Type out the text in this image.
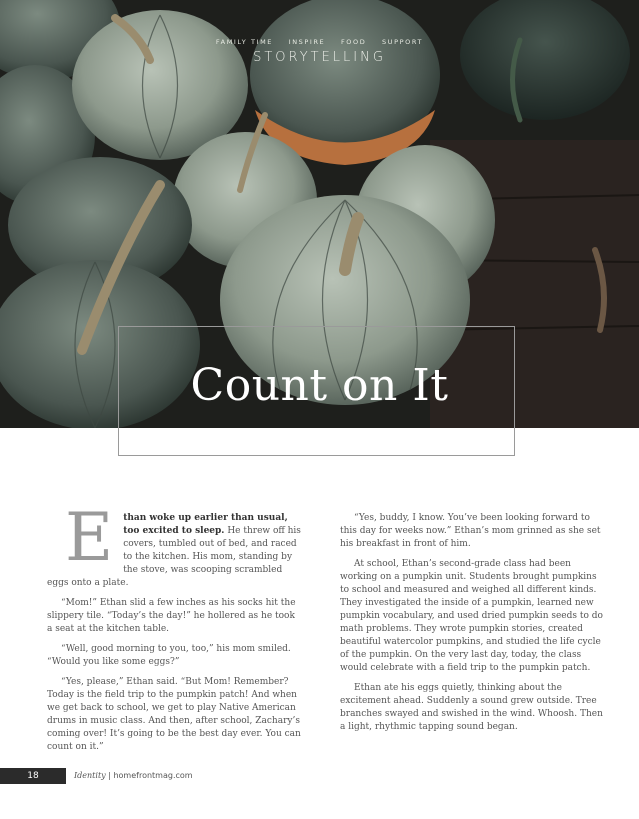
FAMILY TIME INSPIRE FOOD SUPPORT
STORYTELLING
Count on It

E than woke up earlier than usual, too excited to sleep. He threw off his covers, tumbled out of bed, and raced to the kitchen. His mom, standing by the stove, was scooping scrambled eggs onto a plate.

“Mom!” Ethan slid a few inches as his socks hit the slippery tile. “Today’s the day!” he hollered as he took a seat at the kitchen table.

“Well, good morning to you, too,” his mom smiled. “Would you like some eggs?”

“Yes, please,” Ethan said. “But Mom! Remember? Today is the field trip to the pumpkin patch! And when we get back to school, we get to play Native American drums in music class. And then, after school, Zachary’s coming over! It’s going to be the best day ever. You can count on it.”

“Yes, buddy, I know. You’ve been looking forward to this day for weeks now.” Ethan’s mom grinned as she set his breakfast in front of him.

At school, Ethan’s second-grade class had been working on a pumpkin unit. Students brought pumpkins to school and measured and weighed all different kinds. They investigated the inside of a pumpkin, learned new pumpkin vocabulary, and used dried pumpkin seeds to do math problems. They wrote pumpkin stories, created beautiful watercolor pumpkins, and studied the life cycle of the pumpkin. On the very last day, today, the class would celebrate with a field trip to the pumpkin patch.

Ethan ate his eggs quietly, thinking about the excitement ahead. Suddenly a sound grew outside. Tree branches swayed and swished in the wind. Whoosh. Then a light, rhythmic tapping sound began.

18	Identity | homefrontmag.com
